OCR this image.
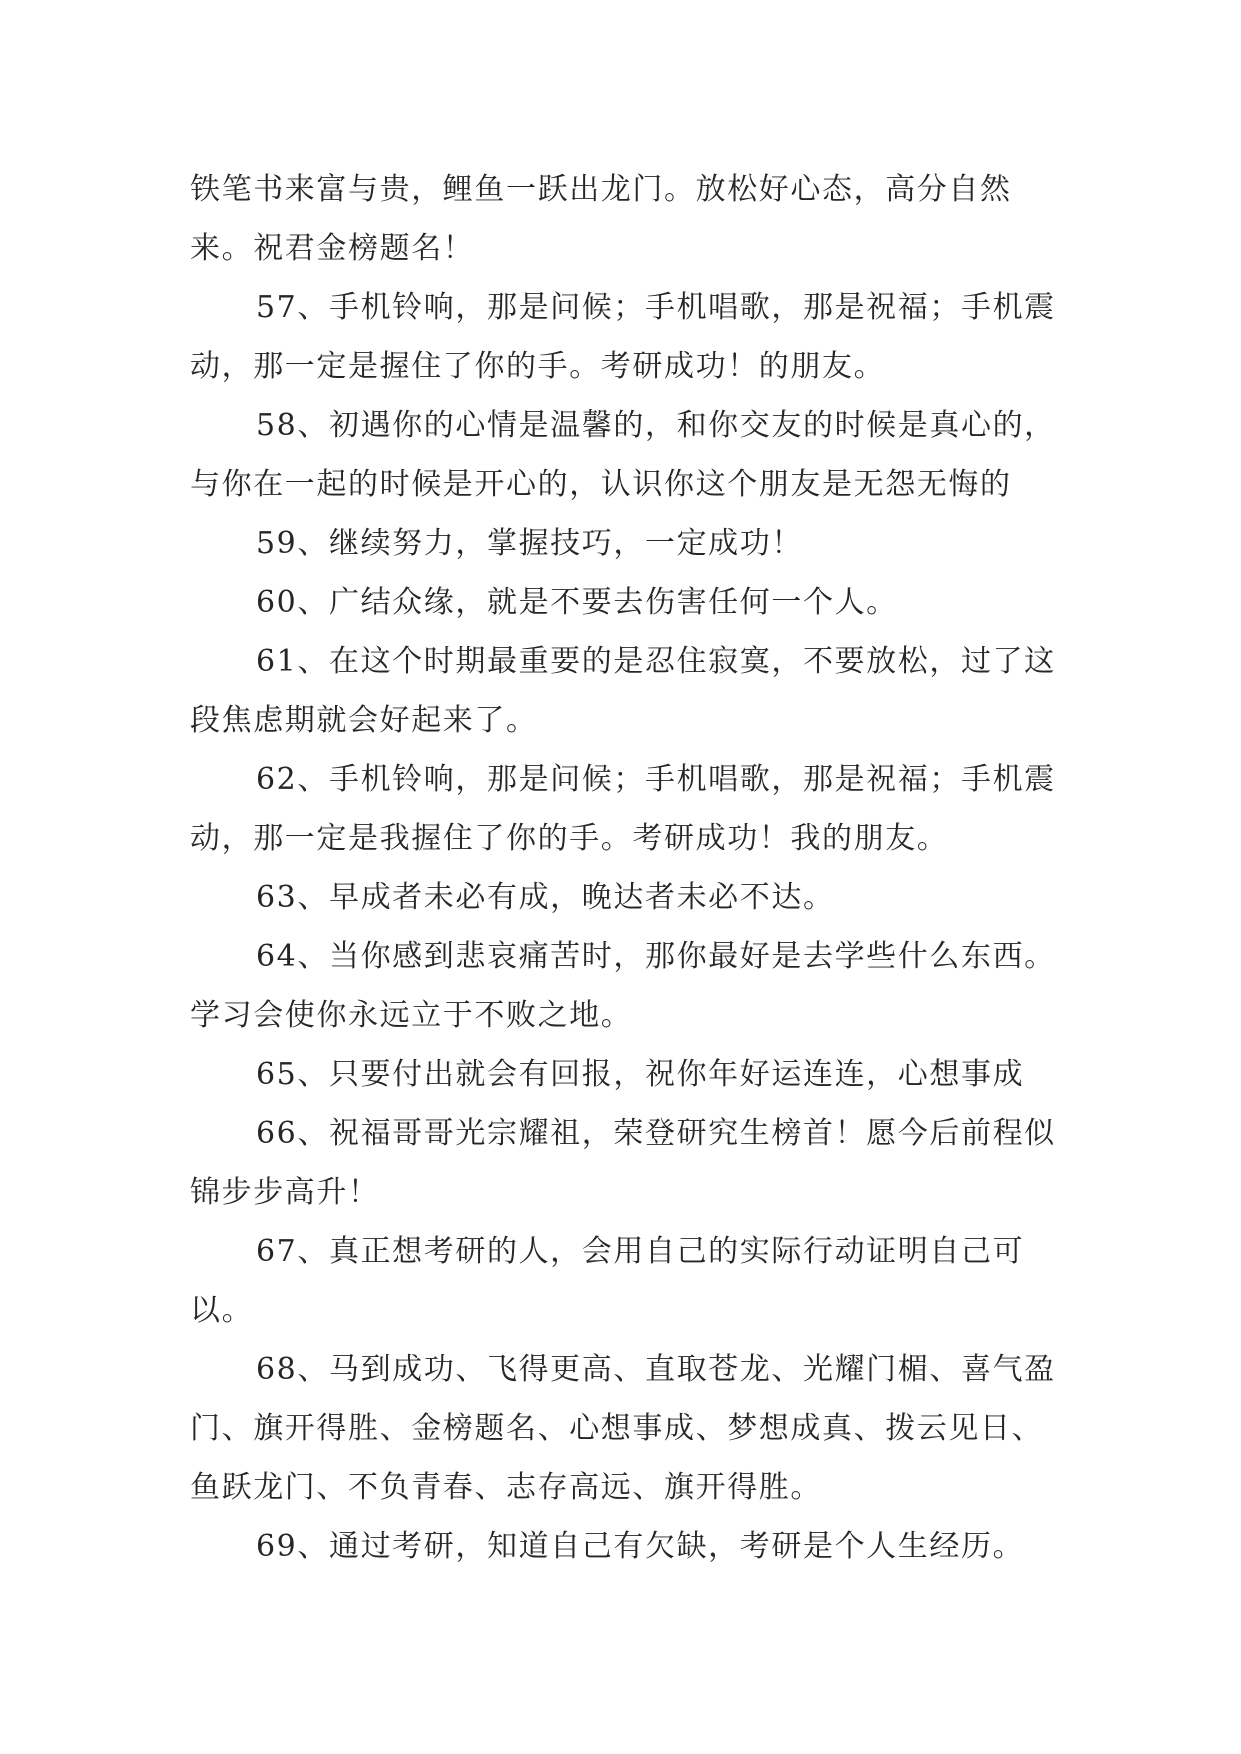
铁笔书来富与贵，鲤鱼一跃出龙门。放松好心态，高分自然来。祝君金榜题名！

57、手机铃响，那是问候；手机唱歌，那是祝福；手机震动，那一定是握住了你的手。考研成功！的朋友。

58、初遇你的心情是温馨的，和你交友的时候是真心的，与你在一起的时候是开心的，认识你这个朋友是无怨无悔的

59、继续努力，掌握技巧，一定成功！

60、广结众缘，就是不要去伤害任何一个人。

61、在这个时期最重要的是忍住寂寞，不要放松，过了这段焦虑期就会好起来了。

62、手机铃响，那是问候；手机唱歌，那是祝福；手机震动，那一定是我握住了你的手。考研成功！我的朋友。

63、早成者未必有成，晚达者未必不达。

64、当你感到悲哀痛苦时，那你最好是去学些什么东西。学习会使你永远立于不败之地。

65、只要付出就会有回报，祝你年好运连连，心想事成

66、祝福哥哥光宗耀祖，荣登研究生榜首！愿今后前程似锦步步高升！

67、真正想考研的人，会用自己的实际行动证明自己可以。

68、马到成功、飞得更高、直取苍龙、光耀门楣、喜气盈门、旗开得胜、金榜题名、心想事成、梦想成真、拨云见日、鱼跃龙门、不负青春、志存高远、旗开得胜。

69、通过考研，知道自己有欠缺，考研是个人生经历。
